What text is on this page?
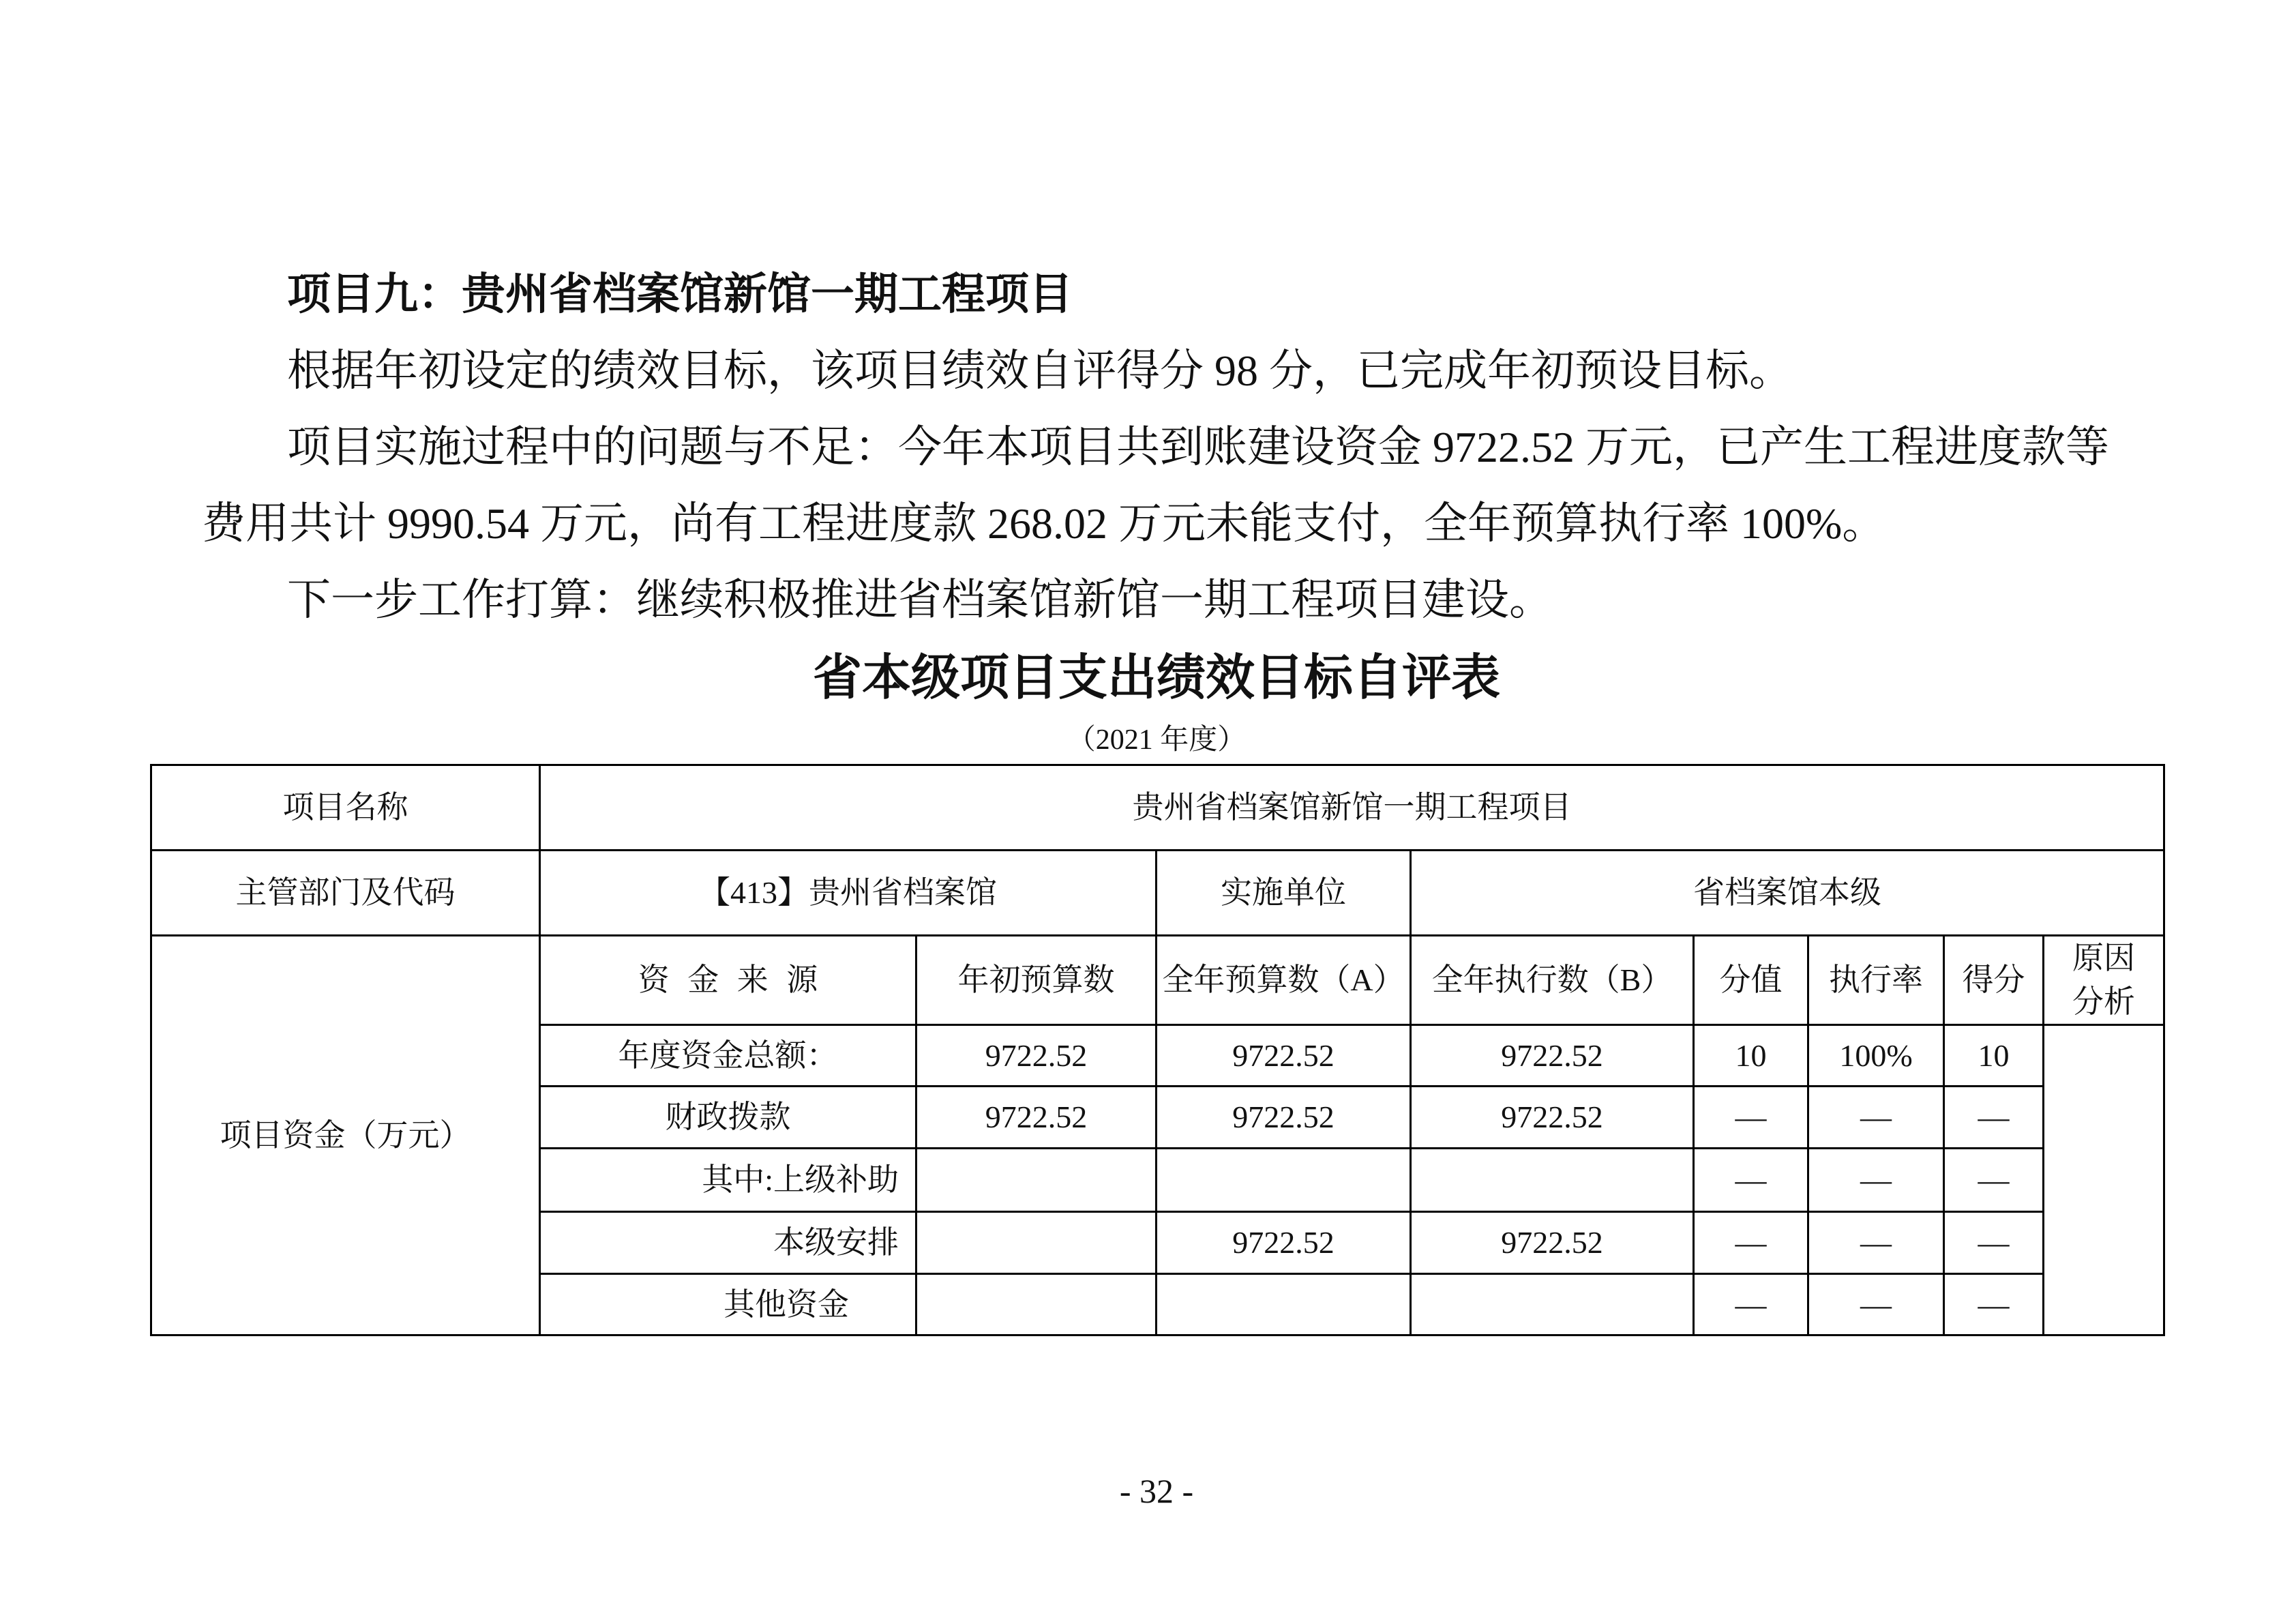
项目九：贵州省档案馆新馆一期工程项目
根据年初设定的绩效目标，该项目绩效自评得分 98 分，已完成年初预设目标。
项目实施过程中的问题与不足：今年本项目共到账建设资金 9722.52 万元，已产生工程进度款等
费用共计 9990.54 万元，尚有工程进度款 268.02 万元未能支付，全年预算执行率 100%。
下一步工作打算：继续积极推进省档案馆新馆一期工程项目建设。
省本级项目支出绩效目标自评表
（2021 年度）
项目名称	贵州省档案馆新馆一期工程项目							
主管部门及代码	【413】贵州省档案馆		实施单位	省档案馆本级				
项目资金（万元）	资 金 来 源	年初预算数	全年预算数（A）	全年执行数（B）	分值	执行率	得分	原因分析
	年度资金总额：	9722.52	9722.52	9722.52	10	100%	10	
	财政拨款	9722.52	9722.52	9722.52	—	—	—	
	其中:上级补助				—	—	—	
	本级安排		9722.52	9722.52	—	—	—	
	其他资金				—	—	—	
- 32 -
